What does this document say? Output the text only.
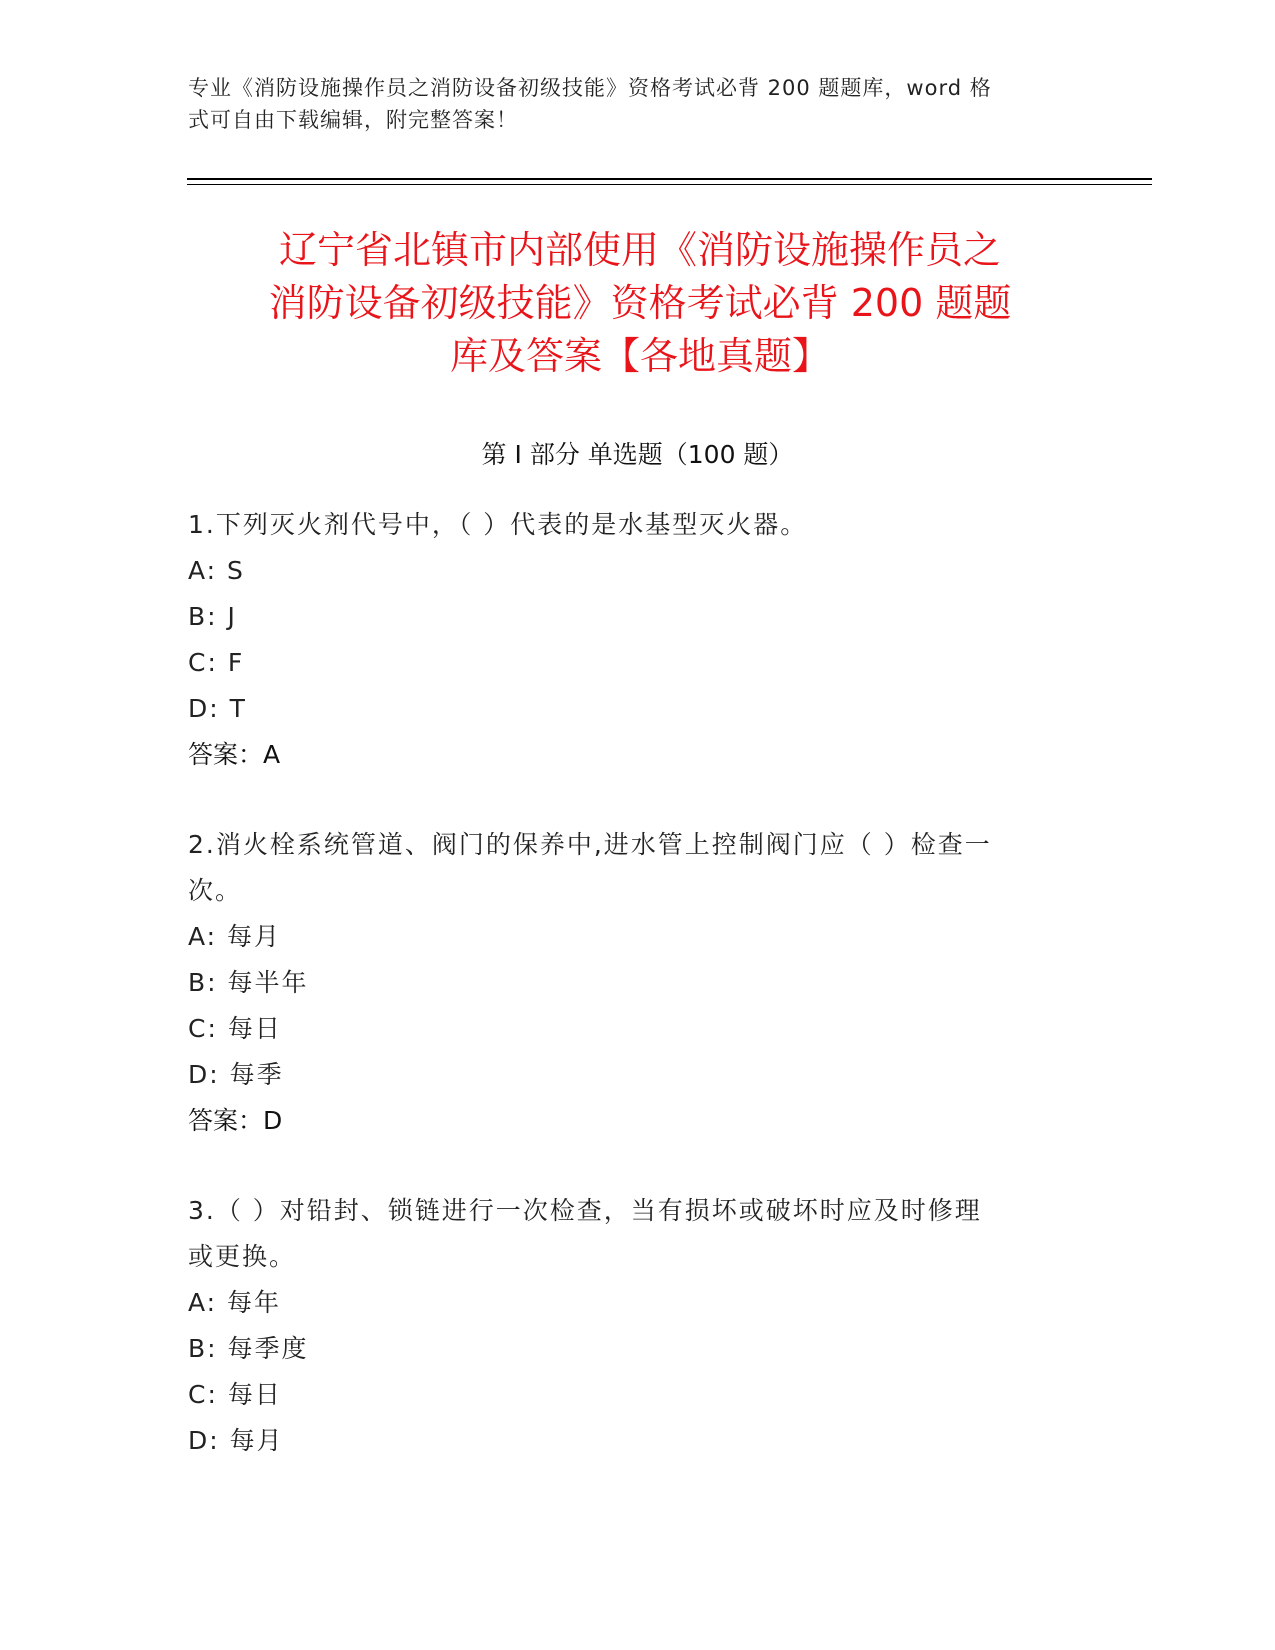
专业《消防设施操作员之消防设备初级技能》资格考试必背 200 题题库，word 格
式可自由下载编辑，附完整答案！
辽宁省北镇市内部使用《消防设施操作员之
消防设备初级技能》资格考试必背 200 题题
库及答案【各地真题】
第 I 部分 单选题（100 题）

1.下列灭火剂代号中，（ ）代表的是水基型灭火器。

A: S

B: J

C: F

D: T

答案：A

2.消火栓系统管道、阀门的保养中,进水管上控制阀门应（ ）检查一

次。

A: 每月

B: 每半年

C: 每日

D: 每季

答案：D

3.（ ）对铅封、锁链进行一次检查，当有损坏或破坏时应及时修理

或更换。

A: 每年

B: 每季度

C: 每日

D: 每月
